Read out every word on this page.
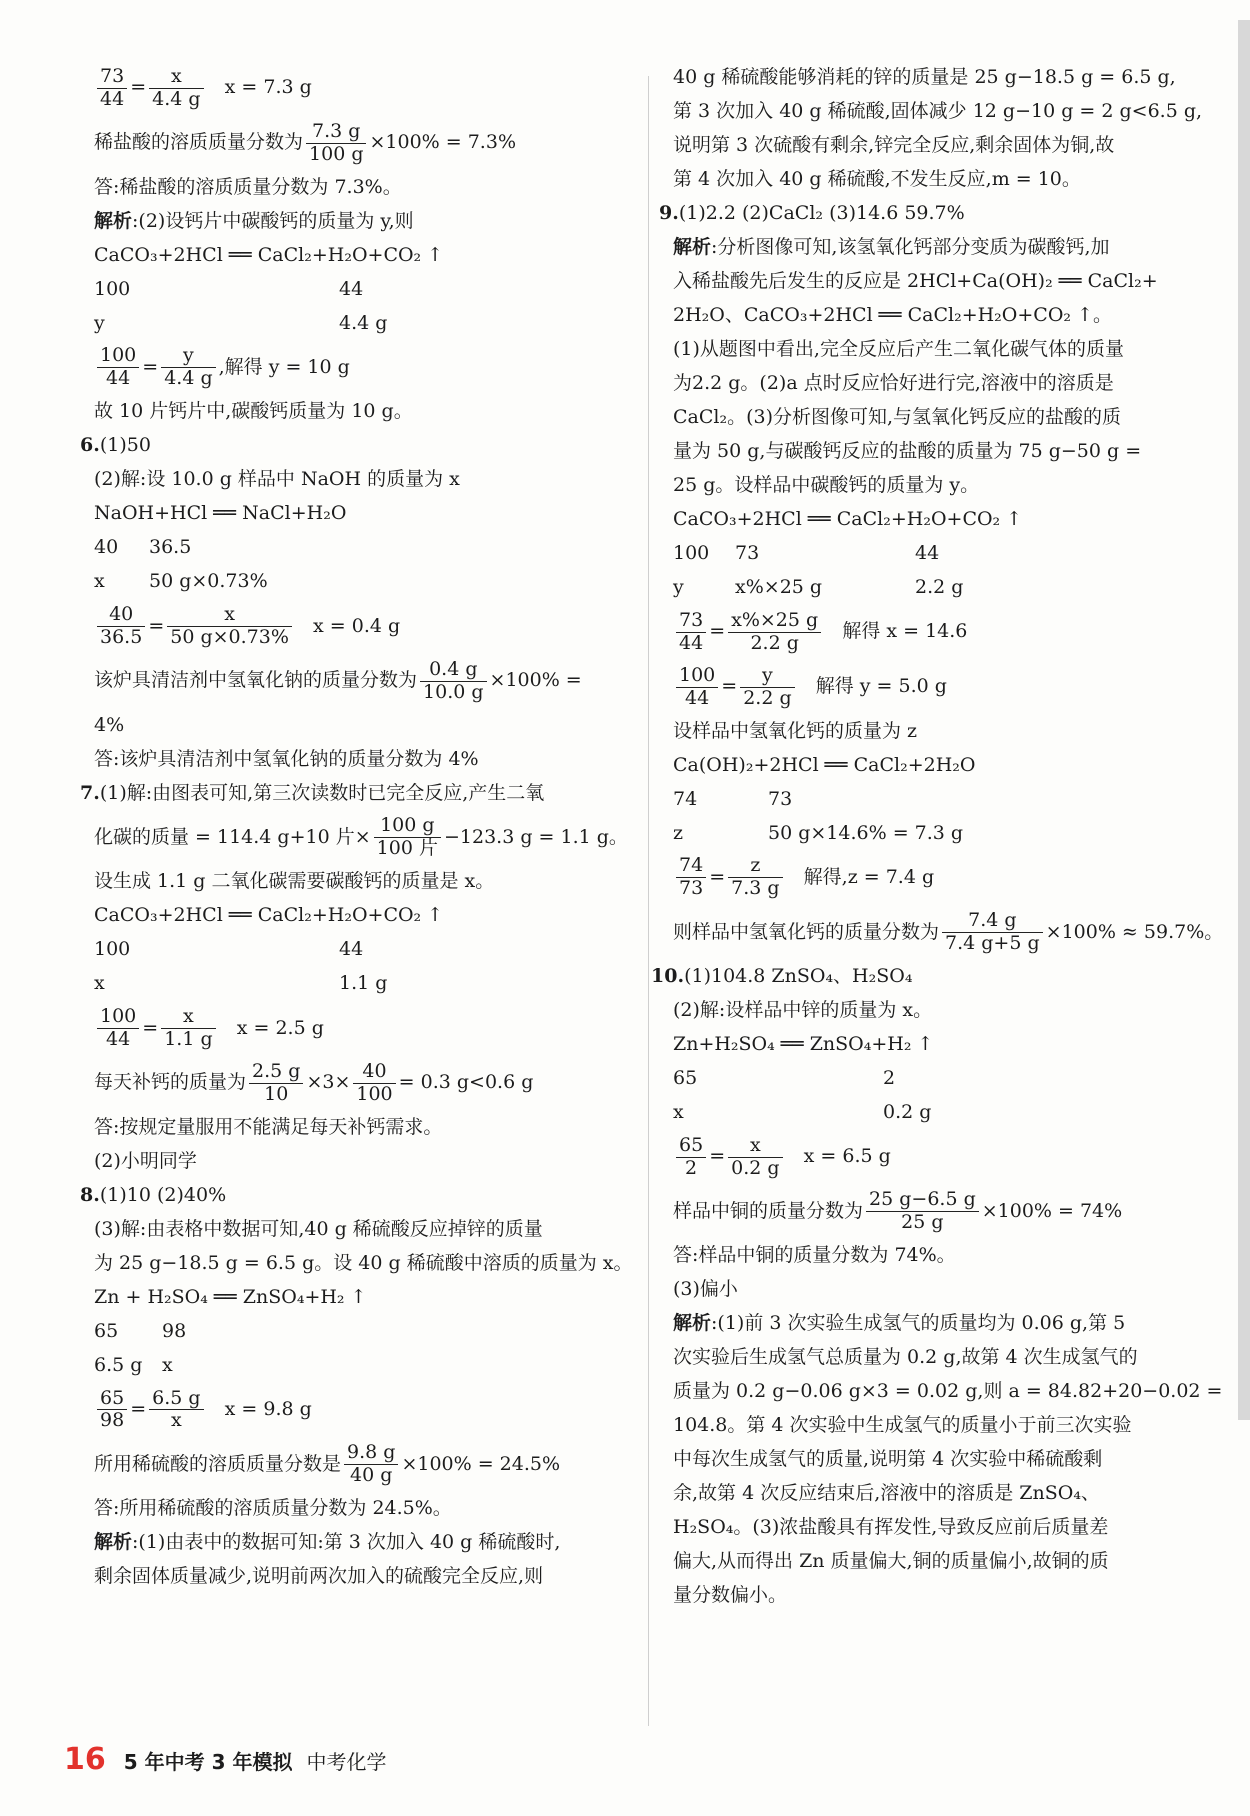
$\frac{73}{44} = \frac{x}{4.4 g}$
x = 7.3 g
稀盐酸的溶质质量分数为 $\frac{7.3 g}{100 g} \times 100\% = 7.3\%$
答:稀盐酸的溶质质量分数为 7.3%。
解析 :(2)设钙片中碳酸钙的质量为 y,则
CaCO₃+2HCl ══ CaCl₂+H₂O+CO₂ ↑
100	44
y	4.4 g
$\frac{100}{44} = \frac{y}{4.4 g}$ ,解得 y = 10 g
故 10 片钙片中,碳酸钙质量为 10 g。
6. (1)50
(2)解:设 10.0 g 样品中 NaOH 的质量为 x
NaOH+HCl ══ NaCl+H₂O
40	36.5
x	50 g×0.73%
$\frac{40}{36.5} = \frac{x}{50 g\times 0.73\%}$
x = 0.4 g
该炉具清洁剂中氢氧化钠的质量分数为 $\frac{0.4 g}{10.0 g} \times 100\%$ =
4%
答:该炉具清洁剂中氢氧化钠的质量分数为 4%
7. (1)解:由图表可知,第三次读数时已完全反应,产生二氧
化碳的质量 = 114.4 g+10 片× $\frac{100 g}{\text{100 片}} -123.3$ g = 1.1 g。
设生成 1.1 g 二氧化碳需要碳酸钙的质量是 x。
CaCO₃+2HCl ══ CaCl₂+H₂O+CO₂ ↑
100	44
x	1.1 g
$\frac{100}{44} = \frac{x}{1.1 g}$
x = 2.5 g
每天补钙的质量为 $\frac{2.5 g}{10} \times 3\times \frac{40}{100} = 0.3$ g<0.6 g
答:按规定量服用不能满足每天补钙需求。
(2)小明同学
8. (1)10 (2)40%
(3)解:由表格中数据可知,40 g 稀硫酸反应掉锌的质量
为 25 g−18.5 g = 6.5 g。设 40 g 稀硫酸中溶质的质量为 x。
Zn + H₂SO₄ ══ ZnSO₄+H₂ ↑
65	98
6.5 g	x
$\frac{65}{98} = \frac{6.5 g}{x}$
x = 9.8 g
所用稀硫酸的溶质质量分数是 $\frac{9.8 g}{40 g} \times 100\% = 24.5\%$
答:所用稀硫酸的溶质质量分数为 24.5%。
解析 :(1)由表中的数据可知:第 3 次加入 40 g 稀硫酸时,
剩余固体质量减少,说明前两次加入的硫酸完全反应,则
40 g 稀硫酸能够消耗的锌的质量是 25 g−18.5 g = 6.5 g,
第 3 次加入 40 g 稀硫酸,固体减少 12 g−10 g = 2 g<6.5 g,
说明第 3 次硫酸有剩余,锌完全反应,剩余固体为铜,故
第 4 次加入 40 g 稀硫酸,不发生反应,m = 10。
9. (1)2.2 (2)CaCl₂ (3)14.6 59.7%
解析 :分析图像可知,该氢氧化钙部分变质为碳酸钙,加
入稀盐酸先后发生的反应是 2HCl+Ca(OH)₂ ══ CaCl₂+
2H₂O、CaCO₃+2HCl ══ CaCl₂+H₂O+CO₂ ↑。
(1)从题图中看出,完全反应后产生二氧化碳气体的质量
为2.2 g。(2)a 点时反应恰好进行完,溶液中的溶质是
CaCl₂。(3)分析图像可知,与氢氧化钙反应的盐酸的质
量为 50 g,与碳酸钙反应的盐酸的质量为 75 g−50 g =
25 g。设样品中碳酸钙的质量为 y。
CaCO₃+2HCl ══ CaCl₂+H₂O+CO₂ ↑
100	73	44
y	x%×25 g	2.2 g
$\frac{73}{44} = \frac{x\%\times 25 g}{2.2 g}$
解得 x = 14.6
$\frac{100}{44} = \frac{y}{2.2 g}$
解得 y = 5.0 g
设样品中氢氧化钙的质量为 z
Ca(OH)₂+2HCl ══ CaCl₂+2H₂O
74	73
z	50 g×14.6% = 7.3 g
$\frac{74}{73} = \frac{z}{7.3 g}$
解得,z = 7.4 g
则样品中氢氧化钙的质量分数为 $\frac{7.4 g}{7.4 g+5 g} \times 100\% \approx 59.7\%$。
10. (1)104.8 ZnSO₄、H₂SO₄
(2)解:设样品中锌的质量为 x。
Zn+H₂SO₄ ══ ZnSO₄+H₂ ↑
65	2
x	0.2 g
$\frac{65}{2} = \frac{x}{0.2 g}$
x = 6.5 g
样品中铜的质量分数为 $\frac{25 g-6.5 g}{25 g} \times 100\% = 74\%$
答:样品中铜的质量分数为 74%。
(3)偏小
解析 :(1)前 3 次实验生成氢气的质量均为 0.06 g,第 5
次实验后生成氢气总质量为 0.2 g,故第 4 次生成氢气的
质量为 0.2 g−0.06 g×3 = 0.02 g,则 a = 84.82+20−0.02 =
104.8。第 4 次实验中生成氢气的质量小于前三次实验
中每次生成氢气的质量,说明第 4 次实验中稀硫酸剩
余,故第 4 次反应结束后,溶液中的溶质是 ZnSO₄、
H₂SO₄。(3)浓盐酸具有挥发性,导致反应前后质量差
偏大,从而得出 Zn 质量偏大,铜的质量偏小,故铜的质
量分数偏小。
16 5 年中考 3 年模拟 中考化学
